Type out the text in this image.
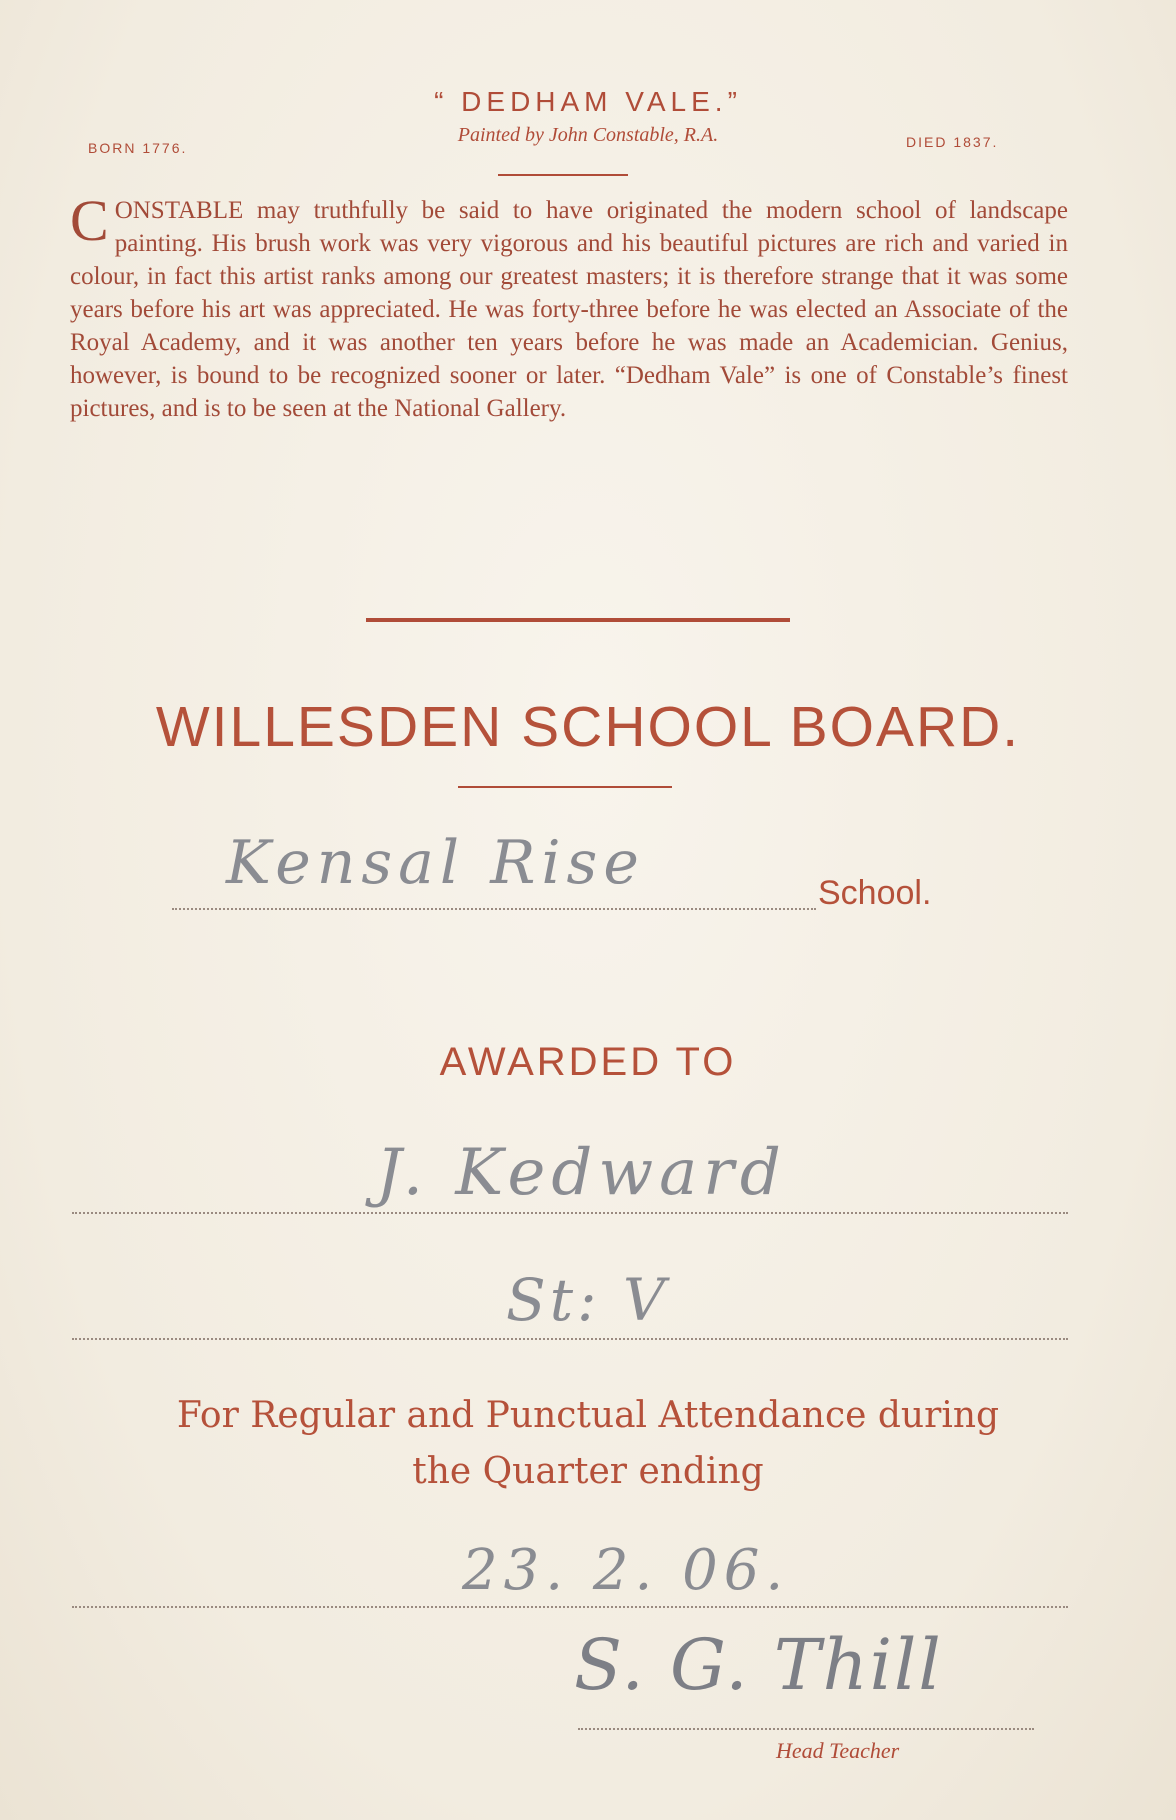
“ DEDHAM VALE.”
BORN 1776.
Painted by John Constable, R.A.	DIED 1837.
CONSTABLE may truthfully be said to have originated the modern school of landscape painting. His brush work was very vigorous and his beautiful pictures are rich and varied in colour, in fact this artist ranks among our greatest masters; it is therefore strange that it was some years before his art was appreciated. He was forty-three before he was elected an Associate of the Royal Academy, and it was another ten years before he was made an Academician. Genius, however, is bound to be recognized sooner or later. “Dedham Vale” is one of Constable’s finest pictures, and is to be seen at the National Gallery.
WILLESDEN SCHOOL BOARD.
Kensal Rise	School.
AWARDED TO
J. Kedward
St: V
For Regular and Punctual Attendance during
the Quarter ending
23. 2. 06.
S. G. Thill
Head Teacher
